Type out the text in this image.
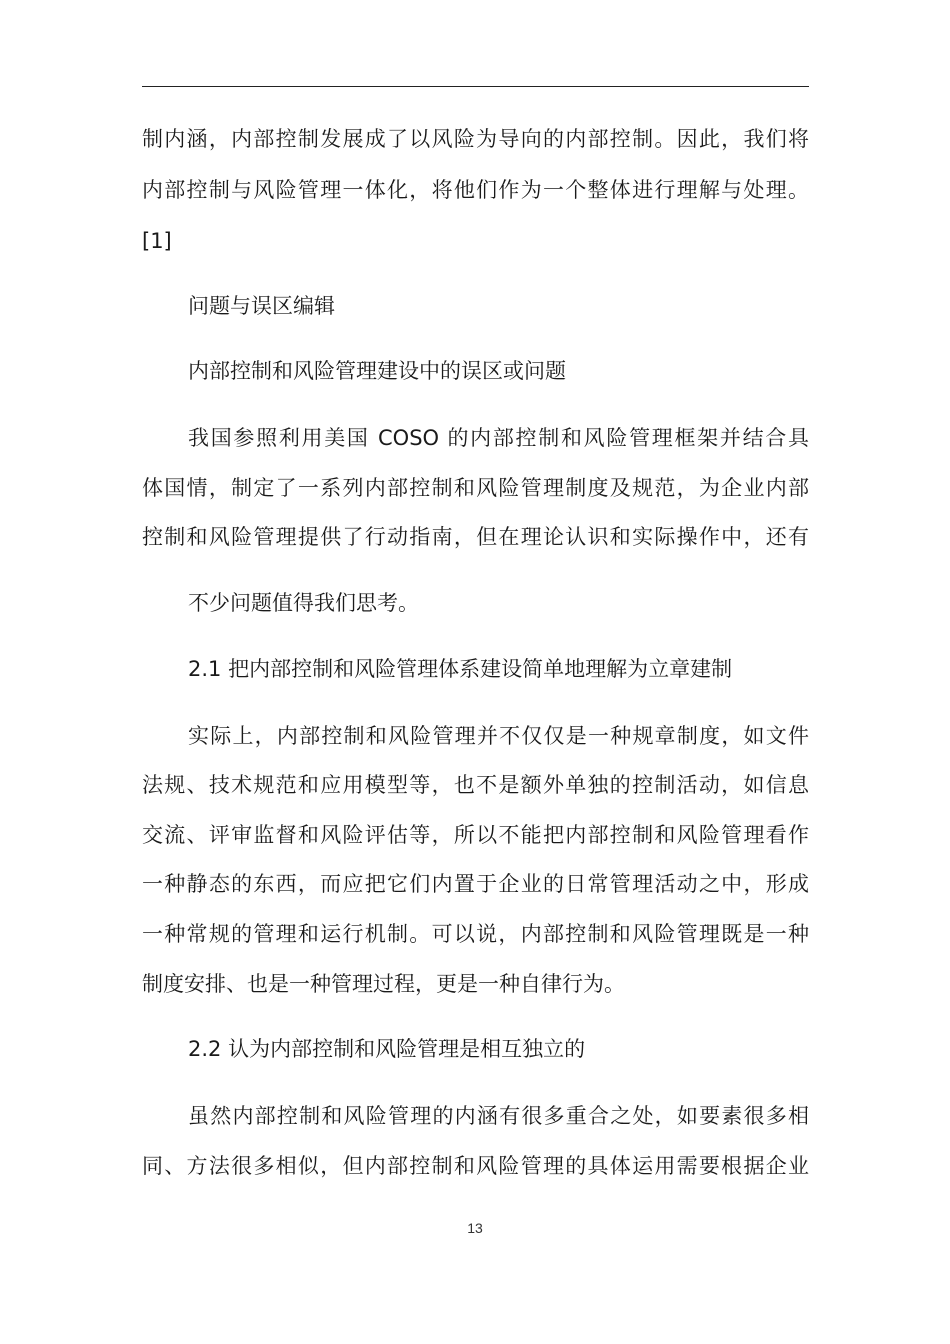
制内涵，内部控制发展成了以风险为导向的内部控制。因此，我们将
内部控制与风险管理一体化，将他们作为一个整体进行理解与处理。
[1]
问题与误区编辑
内部控制和风险管理建设中的误区或问题
我国参照利用美国 COSO 的内部控制和风险管理框架并结合具
体国情，制定了一系列内部控制和风险管理制度及规范，为企业内部
控制和风险管理提供了行动指南，但在理论认识和实际操作中，还有
不少问题值得我们思考。
2.1 把内部控制和风险管理体系建设简单地理解为立章建制
实际上，内部控制和风险管理并不仅仅是一种规章制度，如文件
法规、技术规范和应用模型等，也不是额外单独的控制活动，如信息
交流、评审监督和风险评估等，所以不能把内部控制和风险管理看作
一种静态的东西，而应把它们内置于企业的日常管理活动之中，形成
一种常规的管理和运行机制。可以说，内部控制和风险管理既是一种
制度安排、也是一种管理过程，更是一种自律行为。
2.2 认为内部控制和风险管理是相互独立的
虽然内部控制和风险管理的内涵有很多重合之处，如要素很多相
同、方法很多相似，但内部控制和风险管理的具体运用需要根据企业
13
